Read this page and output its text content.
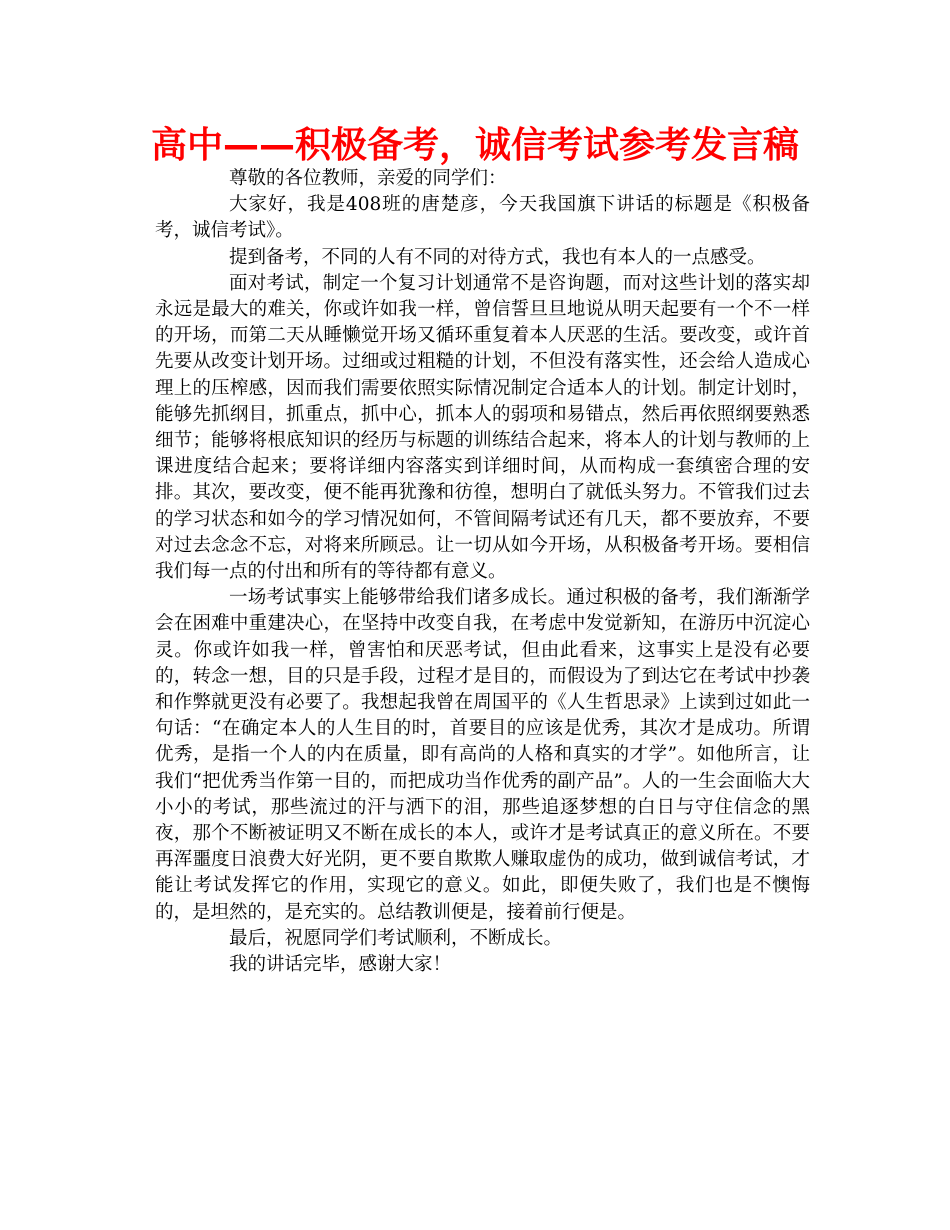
高中——积极备考，诚信考试参考发言稿

尊敬的各位教师，亲爱的同学们：

大家好，我是408班的唐楚彦，今天我国旗下讲话的标题是《积极备考，诚信考试》。

提到备考，不同的人有不同的对待方式，我也有本人的一点感受。

面对考试，制定一个复习计划通常不是咨询题，而对这些计划的落实却永远是最大的难关，你或许如我一样，曾信誓旦旦地说从明天起要有一个不一样的开场，而第二天从睡懒觉开场又循环重复着本人厌恶的生活。要改变，或许首先要从改变计划开场。过细或过粗糙的计划，不但没有落实性，还会给人造成心理上的压榨感，因而我们需要依照实际情况制定合适本人的计划。制定计划时，能够先抓纲目，抓重点，抓中心，抓本人的弱项和易错点，然后再依照纲要熟悉细节；能够将根底知识的经历与标题的训练结合起来，将本人的计划与教师的上课进度结合起来；要将详细内容落实到详细时间，从而构成一套缜密合理的安排。其次，要改变，便不能再犹豫和彷徨，想明白了就低头努力。不管我们过去的学习状态和如今的学习情况如何，不管间隔考试还有几天，都不要放弃，不要对过去念念不忘，对将来所顾忌。让一切从如今开场，从积极备考开场。要相信我们每一点的付出和所有的等待都有意义。

一场考试事实上能够带给我们诸多成长。通过积极的备考，我们渐渐学会在困难中重建决心，在坚持中改变自我，在考虑中发觉新知，在游历中沉淀心灵。你或许如我一样，曾害怕和厌恶考试，但由此看来，这事实上是没有必要的，转念一想，目的只是手段，过程才是目的，而假设为了到达它在考试中抄袭和作弊就更没有必要了。我想起我曾在周国平的《人生哲思录》上读到过如此一句话：“在确定本人的人生目的时，首要目的应该是优秀，其次才是成功。所谓优秀，是指一个人的内在质量，即有高尚的人格和真实的才学”。如他所言，让我们“把优秀当作第一目的，而把成功当作优秀的副产品”。人的一生会面临大大小小的考试，那些流过的汗与洒下的泪，那些追逐梦想的白日与守住信念的黑夜，那个不断被证明又不断在成长的本人，或许才是考试真正的意义所在。不要再浑噩度日浪费大好光阴，更不要自欺欺人赚取虚伪的成功，做到诚信考试，才能让考试发挥它的作用，实现它的意义。如此，即便失败了，我们也是不懊悔的，是坦然的，是充实的。总结教训便是，接着前行便是。

最后，祝愿同学们考试顺利，不断成长。

我的讲话完毕，感谢大家！
